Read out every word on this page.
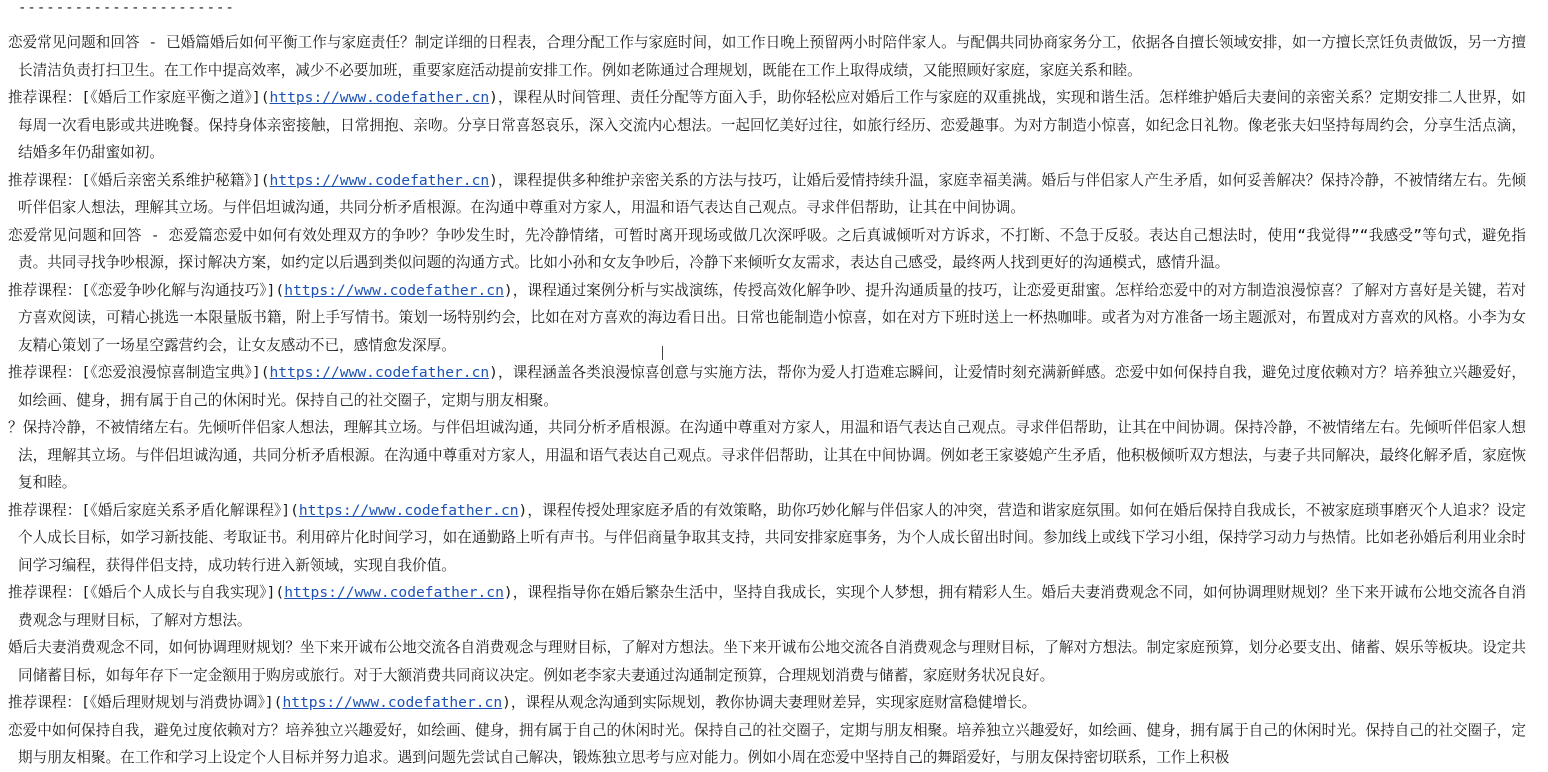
-----------------------
恋爱常见问题和回答 - 已婚篇婚后如何平衡工作与家庭责任？制定详细的日程表，合理分配工作与家庭时间，如工作日晚上预留两小时陪伴家人。与配偶共同协商家务分工，依据各自擅长领域安排，如一方擅长烹饪负责做饭，另一方擅长清洁负责打扫卫生。在工作中提高效率，减少不必要加班，重要家庭活动提前安排工作。例如老陈通过合理规划，既能在工作上取得成绩，又能照顾好家庭，家庭关系和睦。
推荐课程：[《婚后工作家庭平衡之道》](https://www.codefather.cn)，课程从时间管理、责任分配等方面入手，助你轻松应对婚后工作与家庭的双重挑战，实现和谐生活。怎样维护婚后夫妻间的亲密关系？定期安排二人世界，如每周一次看电影或共进晚餐。保持身体亲密接触，日常拥抱、亲吻。分享日常喜怒哀乐，深入交流内心想法。一起回忆美好过往，如旅行经历、恋爱趣事。为对方制造小惊喜，如纪念日礼物。像老张夫妇坚持每周约会，分享生活点滴，结婚多年仍甜蜜如初。
推荐课程：[《婚后亲密关系维护秘籍》](https://www.codefather.cn)，课程提供多种维护亲密关系的方法与技巧，让婚后爱情持续升温，家庭幸福美满。婚后与伴侣家人产生矛盾，如何妥善解决？保持冷静，不被情绪左右。先倾听伴侣家人想法，理解其立场。与伴侣坦诚沟通，共同分析矛盾根源。在沟通中尊重对方家人，用温和语气表达自己观点。寻求伴侣帮助，让其在中间协调。
恋爱常见问题和回答 - 恋爱篇恋爱中如何有效处理双方的争吵？争吵发生时，先冷静情绪，可暂时离开现场或做几次深呼吸。之后真诚倾听对方诉求，不打断、不急于反驳。表达自己想法时，使用“我觉得”“我感受”等句式，避免指责。共同寻找争吵根源，探讨解决方案，如约定以后遇到类似问题的沟通方式。比如小孙和女友争吵后，冷静下来倾听女友需求，表达自己感受，最终两人找到更好的沟通模式，感情升温。
推荐课程：[《恋爱争吵化解与沟通技巧》](https://www.codefather.cn)，课程通过案例分析与实战演练，传授高效化解争吵、提升沟通质量的技巧，让恋爱更甜蜜。怎样给恋爱中的对方制造浪漫惊喜？了解对方喜好是关键，若对方喜欢阅读，可精心挑选一本限量版书籍，附上手写情书。策划一场特别约会，比如在对方喜欢的海边看日出。日常也能制造小惊喜，如在对方下班时送上一杯热咖啡。或者为对方准备一场主题派对，布置成对方喜欢的风格。小李为女友精心策划了一场星空露营约会，让女友感动不已，感情愈发深厚。
推荐课程：[《恋爱浪漫惊喜制造宝典》](https://www.codefather.cn)，课程涵盖各类浪漫惊喜创意与实施方法，帮你为爱人打造难忘瞬间，让爱情时刻充满新鲜感。恋爱中如何保持自我，避免过度依赖对方？培养独立兴趣爱好，如绘画、健身，拥有属于自己的休闲时光。保持自己的社交圈子，定期与朋友相聚。
？保持冷静，不被情绪左右。先倾听伴侣家人想法，理解其立场。与伴侣坦诚沟通，共同分析矛盾根源。在沟通中尊重对方家人，用温和语气表达自己观点。寻求伴侣帮助，让其在中间协调。保持冷静，不被情绪左右。先倾听伴侣家人想法，理解其立场。与伴侣坦诚沟通，共同分析矛盾根源。在沟通中尊重对方家人，用温和语气表达自己观点。寻求伴侣帮助，让其在中间协调。例如老王家婆媳产生矛盾，他积极倾听双方想法，与妻子共同解决，最终化解矛盾，家庭恢复和睦。
推荐课程：[《婚后家庭关系矛盾化解课程》](https://www.codefather.cn)，课程传授处理家庭矛盾的有效策略，助你巧妙化解与伴侣家人的冲突，营造和谐家庭氛围。如何在婚后保持自我成长，不被家庭琐事磨灭个人追求？设定个人成长目标，如学习新技能、考取证书。利用碎片化时间学习，如在通勤路上听有声书。与伴侣商量争取其支持，共同安排家庭事务，为个人成长留出时间。参加线上或线下学习小组，保持学习动力与热情。比如老孙婚后利用业余时间学习编程，获得伴侣支持，成功转行进入新领域，实现自我价值。
推荐课程：[《婚后个人成长与自我实现》](https://www.codefather.cn)，课程指导你在婚后繁杂生活中，坚持自我成长，实现个人梦想，拥有精彩人生。婚后夫妻消费观念不同，如何协调理财规划？坐下来开诚布公地交流各自消费观念与理财目标，了解对方想法。
婚后夫妻消费观念不同，如何协调理财规划？坐下来开诚布公地交流各自消费观念与理财目标，了解对方想法。坐下来开诚布公地交流各自消费观念与理财目标，了解对方想法。制定家庭预算，划分必要支出、储蓄、娱乐等板块。设定共同储蓄目标，如每年存下一定金额用于购房或旅行。对于大额消费共同商议决定。例如老李家夫妻通过沟通制定预算，合理规划消费与储蓄，家庭财务状况良好。
推荐课程：[《婚后理财规划与消费协调》](https://www.codefather.cn)，课程从观念沟通到实际规划，教你协调夫妻理财差异，实现家庭财富稳健增长。
恋爱中如何保持自我，避免过度依赖对方？培养独立兴趣爱好，如绘画、健身，拥有属于自己的休闲时光。保持自己的社交圈子，定期与朋友相聚。培养独立兴趣爱好，如绘画、健身，拥有属于自己的休闲时光。保持自己的社交圈子，定期与朋友相聚。在工作和学习上设定个人目标并努力追求。遇到问题先尝试自己解决，锻炼独立思考与应对能力。例如小周在恋爱中坚持自己的舞蹈爱好，与朋友保持密切联系，工作上积极
